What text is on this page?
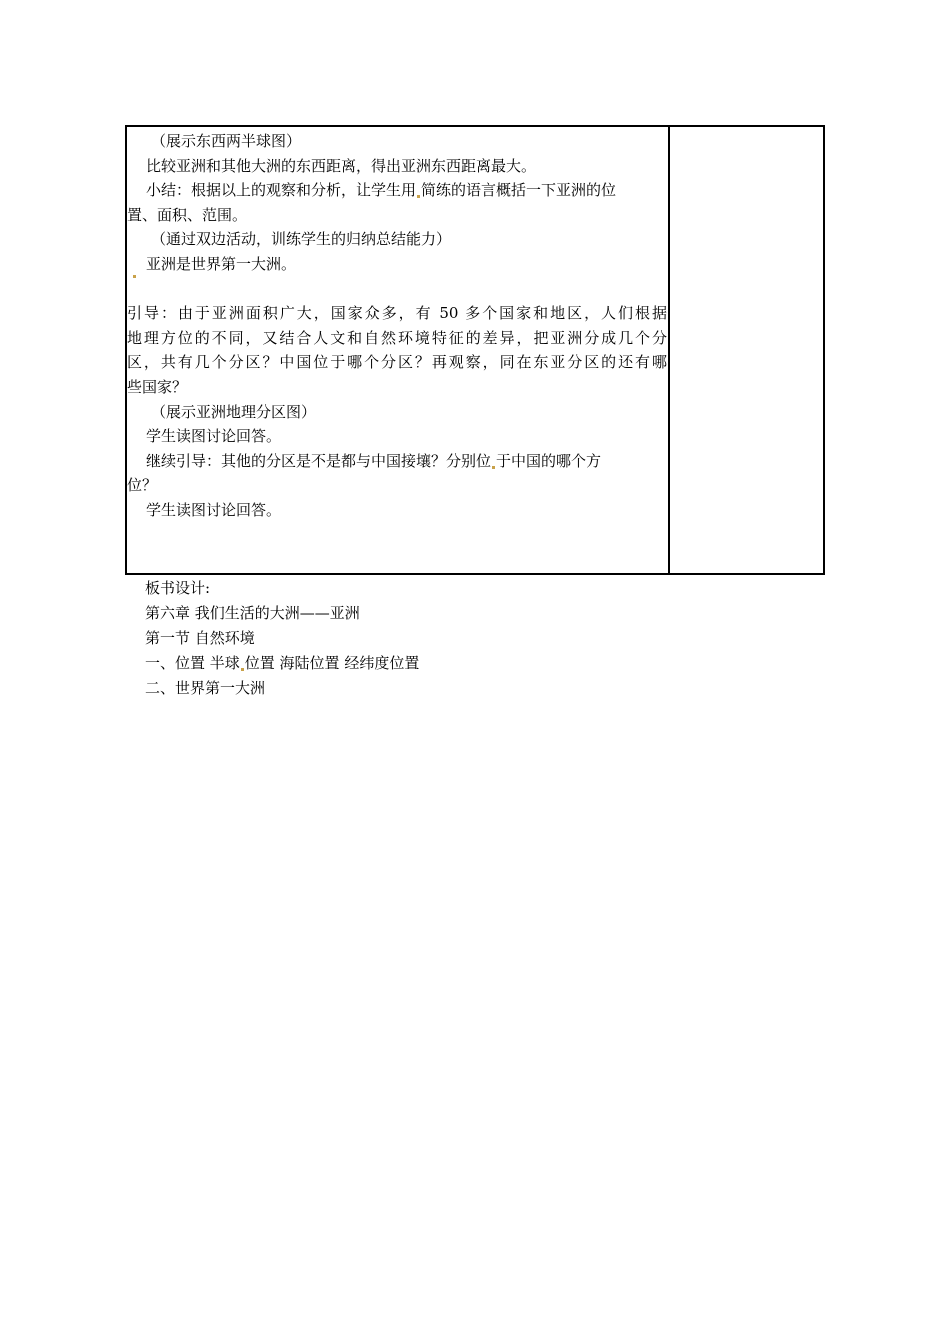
（展示东西两半球图）
比较亚洲和其他大洲的东西距离，得出亚洲东西距离最大。
小结：根据以上的观察和分析，让学生用 简练的语言概括一下亚洲的位
置、面积、范围。
（通过双边活动，训练学生的归纳总结能力）
亚洲是世界第一大洲。
引导：由于亚洲面积广大，国家众多，有 50 多个国家和地区，人们根据
地理方位的不同，又结合人文和自然环境特征的差异，把亚洲分成几个分
区，共有几个分区？中国位于哪个分区？再观察，同在东亚分区的还有哪
些国家？
（展示亚洲地理分区图）
学生读图讨论回答。
继续引导：其他的分区是不是都与中国接壤？分别位 于中国的哪个方
位？
学生读图讨论回答。
板书设计:
第六章 我们生活的大洲——亚洲
第一节 自然环境
一、位置 半球 位置 海陆位置 经纬度位置
二、世界第一大洲
